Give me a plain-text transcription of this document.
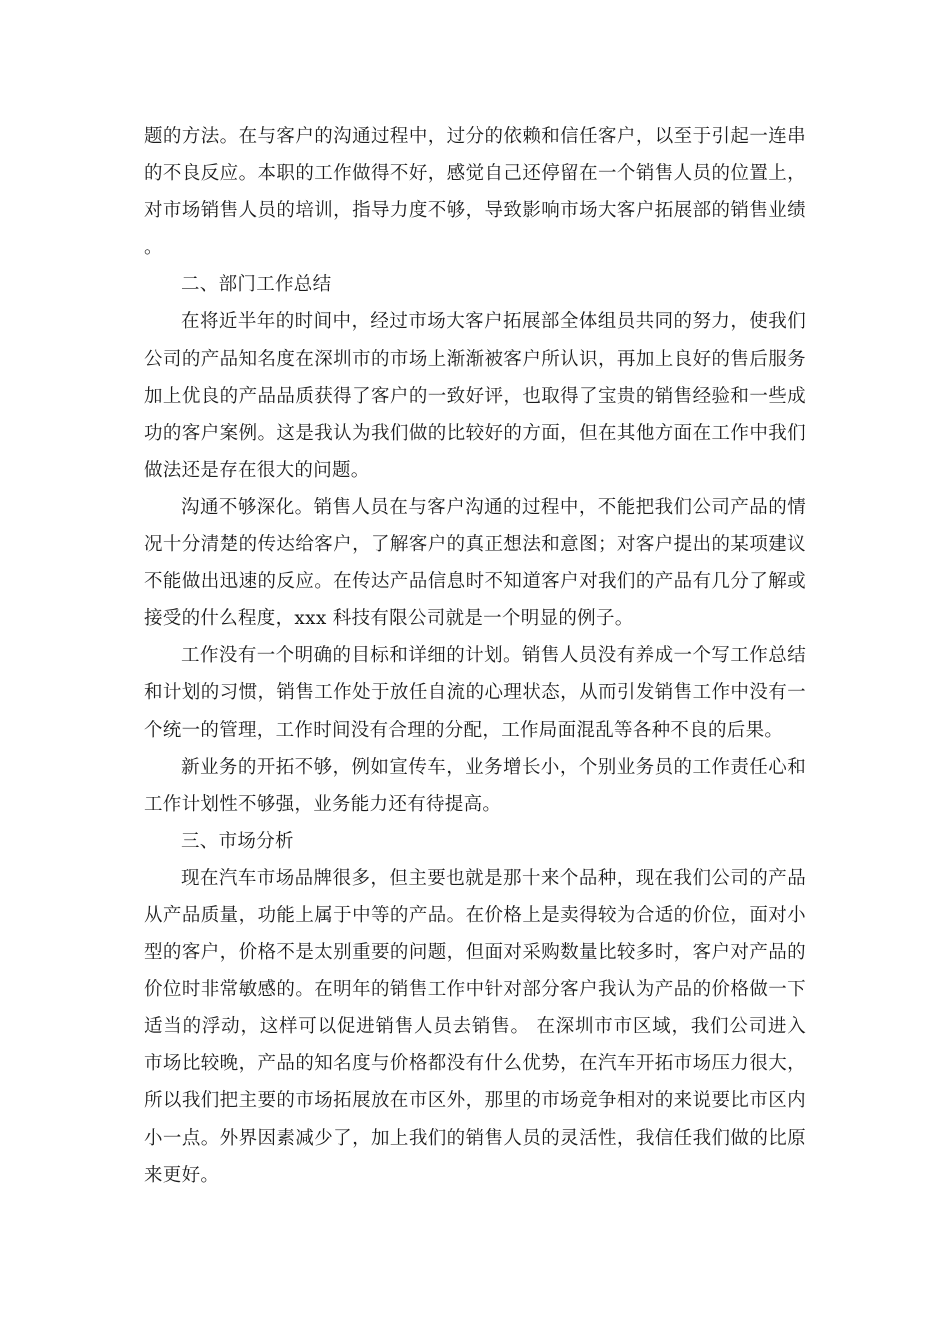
题的方法。在与客户的沟通过程中，过分的依赖和信任客户，以至于引起一连串的不良反应。本职的工作做得不好，感觉自己还停留在一个销售人员的位置上，对市场销售人员的培训，指导力度不够，导致影响市场大客户拓展部的销售业绩。

二、部门工作总结

在将近半年的时间中，经过市场大客户拓展部全体组员共同的努力，使我们公司的产品知名度在深圳市的市场上渐渐被客户所认识，再加上良好的售后服务加上优良的产品品质获得了客户的一致好评，也取得了宝贵的销售经验和一些成功的客户案例。这是我认为我们做的比较好的方面，但在其他方面在工作中我们做法还是存在很大的问题。

沟通不够深化。销售人员在与客户沟通的过程中，不能把我们公司产品的情况十分清楚的传达给客户，了解客户的真正想法和意图；对客户提出的某项建议不能做出迅速的反应。在传达产品信息时不知道客户对我们的产品有几分了解或接受的什么程度，xxx 科技有限公司就是一个明显的例子。

工作没有一个明确的目标和详细的计划。销售人员没有养成一个写工作总结和计划的习惯，销售工作处于放任自流的心理状态，从而引发销售工作中没有一个统一的管理，工作时间没有合理的分配，工作局面混乱等各种不良的后果。

新业务的开拓不够，例如宣传车，业务增长小，个别业务员的工作责任心和工作计划性不够强，业务能力还有待提高。

三、市场分析

现在汽车市场品牌很多，但主要也就是那十来个品种，现在我们公司的产品从产品质量，功能上属于中等的产品。在价格上是卖得较为合适的价位，面对小型的客户，价格不是太别重要的问题，但面对采购数量比较多时，客户对产品的价位时非常敏感的。在明年的销售工作中针对部分客户我认为产品的价格做一下适当的浮动，这样可以促进销售人员去销售。 在深圳市市区域，我们公司进入市场比较晚，产品的知名度与价格都没有什么优势，在汽车开拓市场压力很大，所以我们把主要的市场拓展放在市区外，那里的市场竞争相对的来说要比市区内小一点。外界因素减少了，加上我们的销售人员的灵活性，我信任我们做的比原来更好。
